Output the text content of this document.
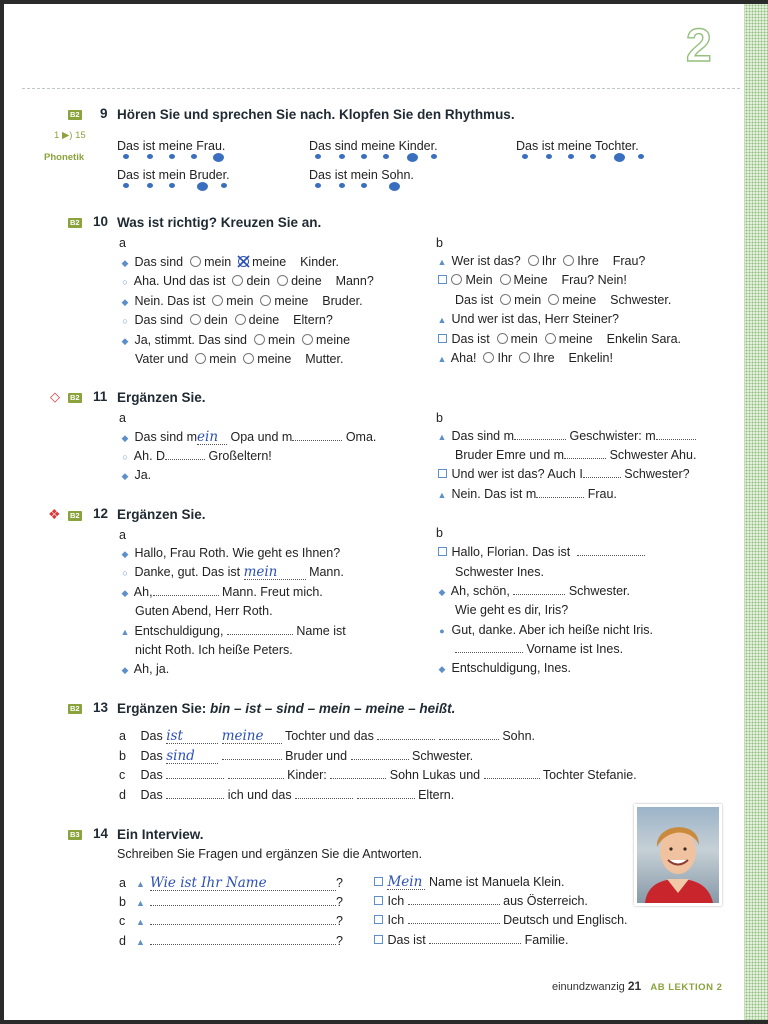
2
B2 9 Hören Sie und sprechen Sie nach. Klopfen Sie den Rhythmus.
1 ▶) 15
Phonetik
Das ist meine Frau.	Das sind meine Kinder.	Das ist meine Tochter.
Das ist mein Bruder.	Das ist mein Sohn.
B2 10 Was ist richtig? Kreuzen Sie an.
a	b
◆ Das sind mein meine Kinder.
○ Aha. Und das ist dein deine Mann?
◆ Nein. Das ist mein meine Bruder.
○ Das sind dein deine Eltern?
◆ Ja, stimmt. Das sind mein meine
Vater und mein meine Mutter.
▲ Wer ist das? Ihr Ihre Frau?
Mein Meine Frau? Nein!
Das ist mein meine Schwester.
▲ Und wer ist das, Herr Steiner?
Das ist mein meine Enkelin Sara.
▲ Aha! Ihr Ihre Enkelin!
◇ B2 11 Ergänzen Sie.
a	b
◆ Das sind mein Opa und m	Oma.
○ Ah. D	Großeltern!
◆ Ja.
▲ Das sind m	Geschwister: m
Bruder Emre und m	Schwester Ahu.
Und wer ist das? Auch I	Schwester?
▲ Nein. Das ist m	Frau.
❖ B2 12 Ergänzen Sie.
a	b
◆ Hallo, Frau Roth. Wie geht es Ihnen?
○ Danke, gut. Das ist mein	Mann.
◆ Ah,	Mann. Freut mich.
Guten Abend, Herr Roth.
▲ Entschuldigung,	Name ist
nicht Roth. Ich heiße Peters.
◆ Ah, ja.
Hallo, Florian. Das ist
Schwester Ines.
◆ Ah, schön,	Schwester.
Wie geht es dir, Iris?
● Gut, danke. Aber ich heiße nicht Iris.
Vorname ist Ines.
◆ Entschuldigung, Ines.
B2 13 Ergänzen Sie: bin – ist – sind – mein – meine – heißt.
a Das ist	meine Tochter und das	Sohn.
b Das sind	Bruder und	Schwester.
c Das	Kinder:	Sohn Lukas und	Tochter Stefanie.
d Das	ich und das	Eltern.
B3 14 Ein Interview.
Schreiben Sie Fragen und ergänzen Sie die Antworten.
a ▲ Wie ist Ihr Name	?
b ▲	?
c ▲	?
d ▲	?
Mein Name ist Manuela Klein.
Ich	aus Österreich.
Ich	Deutsch und Englisch.
Das ist	Familie.
einundzwanzig 21 AB LEKTION 2
